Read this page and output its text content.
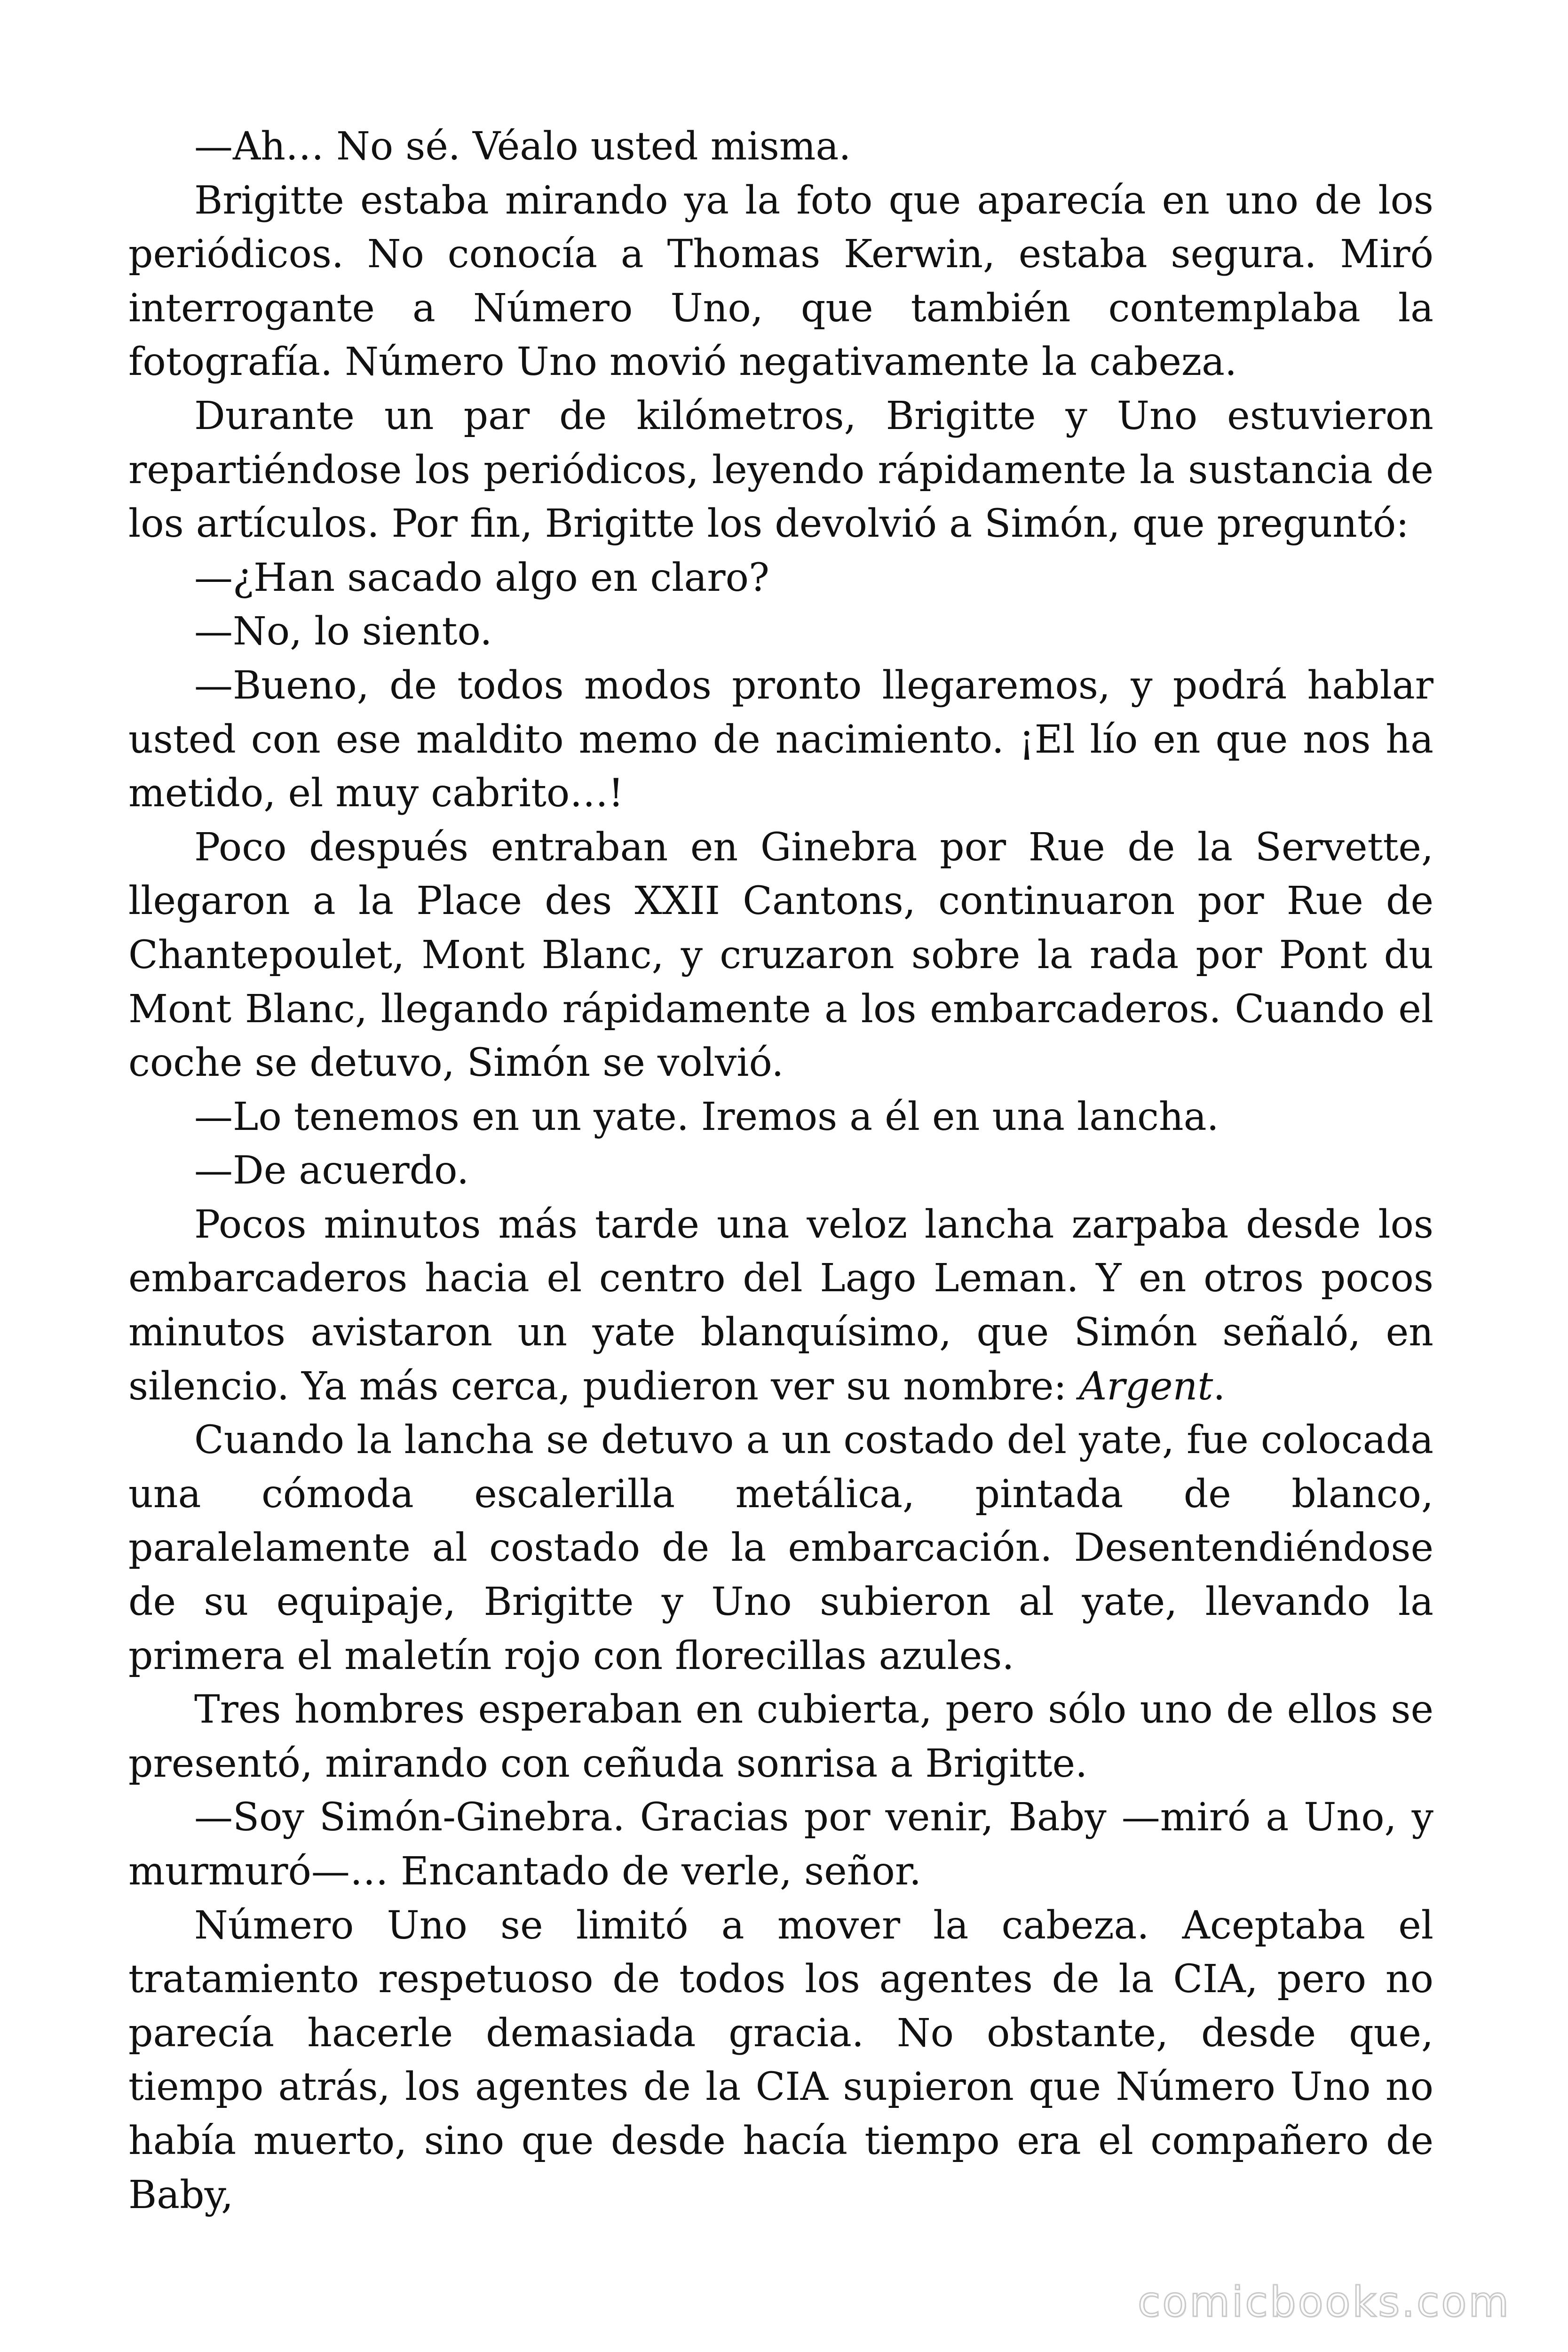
—Ah… No sé. Véalo usted misma.

Brigitte estaba mirando ya la foto que aparecía en uno de los periódicos. No conocía a Thomas Kerwin, estaba segura. Miró interrogante a Número Uno, que también contemplaba la fotografía. Número Uno movió negativamente la cabeza.

Durante un par de kilómetros, Brigitte y Uno estuvieron repartiéndose los periódicos, leyendo rápidamente la sustancia de los artículos. Por fin, Brigitte los devolvió a Simón, que preguntó:

—¿Han sacado algo en claro?

—No, lo siento.

—Bueno, de todos modos pronto llegaremos, y podrá hablar usted con ese maldito memo de nacimiento. ¡El lío en que nos ha metido, el muy cabrito…!

Poco después entraban en Ginebra por Rue de la Servette, llegaron a la Place des XXII Cantons, continuaron por Rue de Chantepoulet, Mont Blanc, y cruzaron sobre la rada por Pont du Mont Blanc, llegando rápidamente a los embarcaderos. Cuando el coche se detuvo, Simón se volvió.

—Lo tenemos en un yate. Iremos a él en una lancha.

—De acuerdo.

Pocos minutos más tarde una veloz lancha zarpaba desde los embarcaderos hacia el centro del Lago Leman. Y en otros pocos minutos avistaron un yate blanquísimo, que Simón señaló, en silencio. Ya más cerca, pudieron ver su nombre: Argent.

Cuando la lancha se detuvo a un costado del yate, fue colocada una cómoda escalerilla metálica, pintada de blanco, paralelamente al costado de la embarcación. Desentendiéndose de su equipaje, Brigitte y Uno subieron al yate, llevando la primera el maletín rojo con florecillas azules.

Tres hombres esperaban en cubierta, pero sólo uno de ellos se presentó, mirando con ceñuda sonrisa a Brigitte.

—Soy Simón-Ginebra. Gracias por venir, Baby —miró a Uno, y murmuró—… Encantado de verle, señor.

Número Uno se limitó a mover la cabeza. Aceptaba el tratamiento respetuoso de todos los agentes de la CIA, pero no parecía hacerle demasiada gracia. No obstante, desde que, tiempo atrás, los agentes de la CIA supieron que Número Uno no había muerto, sino que desde hacía tiempo era el compañero de Baby,

comicbooks.com
